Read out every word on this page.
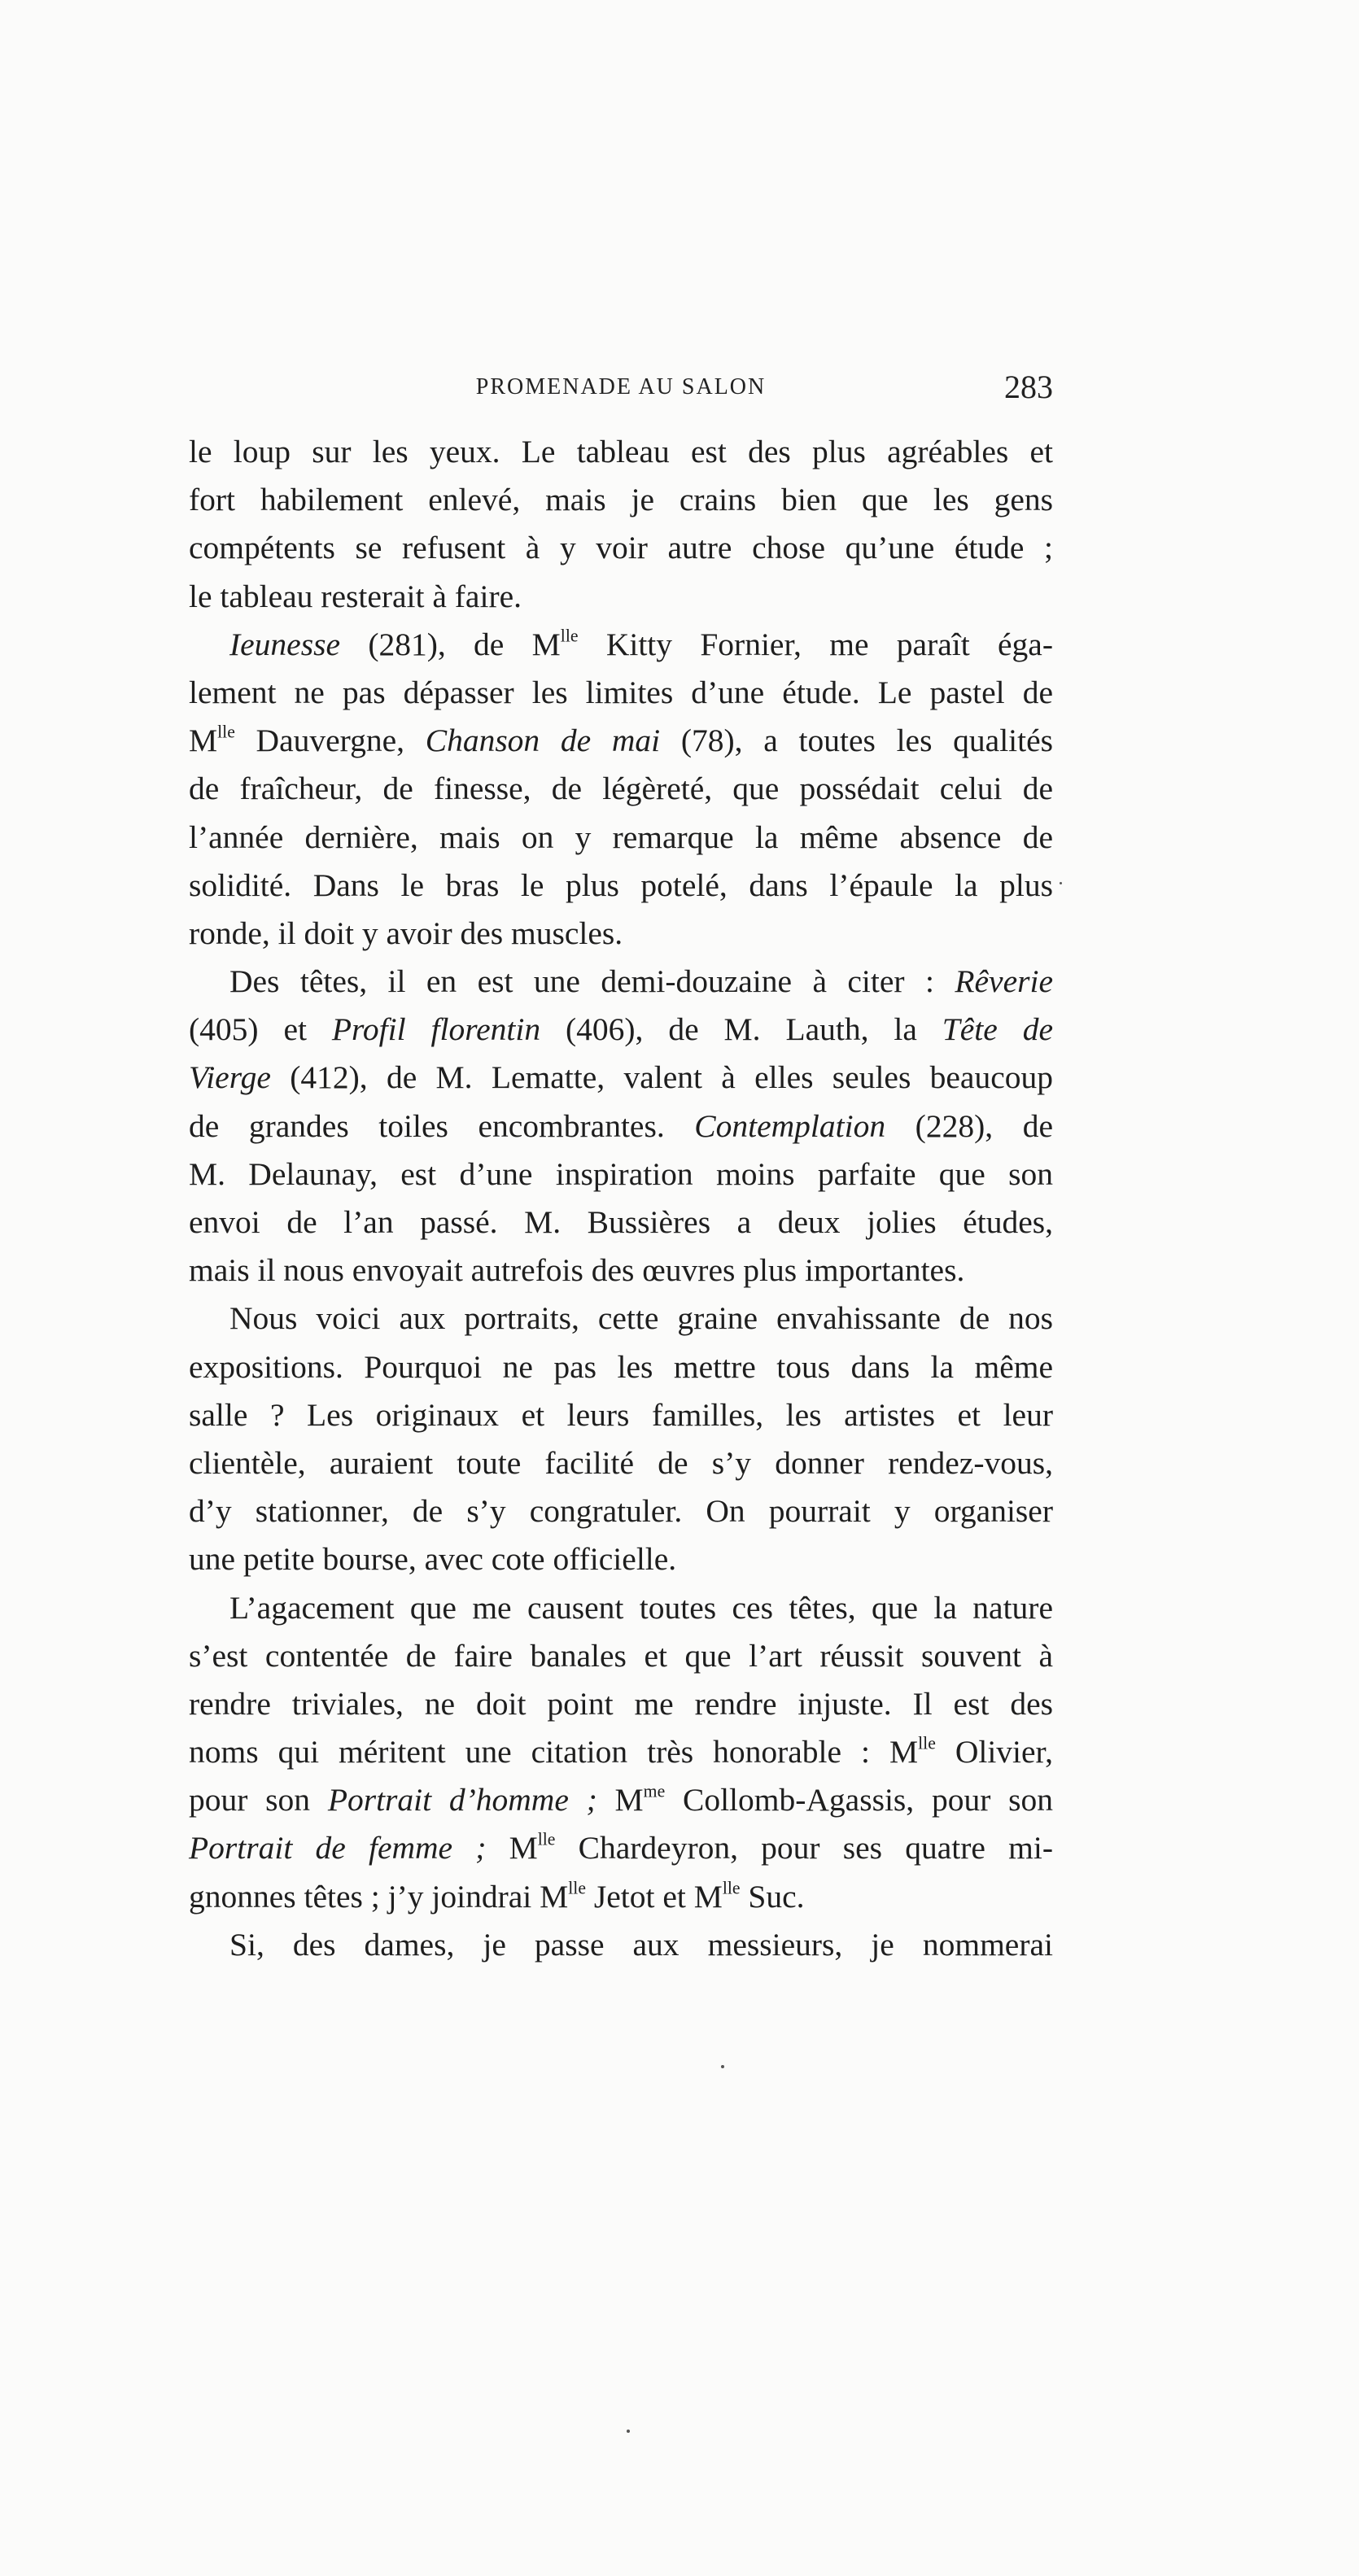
PROMENADE AU SALON	283
le loup sur les yeux. Le tableau est des plus agréables et
fort habilement enlevé, mais je crains bien que les gens
compétents se refusent à y voir autre chose qu’une étude ;
le tableau resterait à faire.
Ieunesse (281), de $M^{lle}$ Kitty Fornier, me paraît éga-
lement ne pas dépasser les limites d’une étude. Le pastel de
$M^{lle}$ Dauvergne, Chanson de mai (78), a toutes les qualités
de fraîcheur, de finesse, de légèreté, que possédait celui de
l’année dernière, mais on y remarque la même absence de
solidité. Dans le bras le plus potelé, dans l’épaule la plus
ronde, il doit y avoir des muscles.
Des têtes, il en est une demi-douzaine à citer : Rêverie
(405) et Profil florentin (406), de M. Lauth, la Tête de
Vierge (412), de M. Lematte, valent à elles seules beaucoup
de grandes toiles encombrantes. Contemplation (228), de
M. Delaunay, est d’une inspiration moins parfaite que son
envoi de l’an passé. M. Bussières a deux jolies études,
mais il nous envoyait autrefois des œuvres plus importantes.
Nous voici aux portraits, cette graine envahissante de nos
expositions. Pourquoi ne pas les mettre tous dans la même
salle ? Les originaux et leurs familles, les artistes et leur
clientèle, auraient toute facilité de s’y donner rendez-vous,
d’y stationner, de s’y congratuler. On pourrait y organiser
une petite bourse, avec cote officielle.
L’agacement que me causent toutes ces têtes, que la nature
s’est contentée de faire banales et que l’art réussit souvent à
rendre triviales, ne doit point me rendre injuste. Il est des
noms qui méritent une citation très honorable : $M^{lle}$ Olivier,
pour son Portrait d’homme ; $M^{me}$ Collomb-Agassis, pour son
Portrait de femme ; $M^{lle}$ Chardeyron, pour ses quatre mi-
gnonnes têtes ; j’y joindrai $M^{lle}$ Jetot et $M^{lle}$ Suc.
Si, des dames, je passe aux messieurs, je nommerai
